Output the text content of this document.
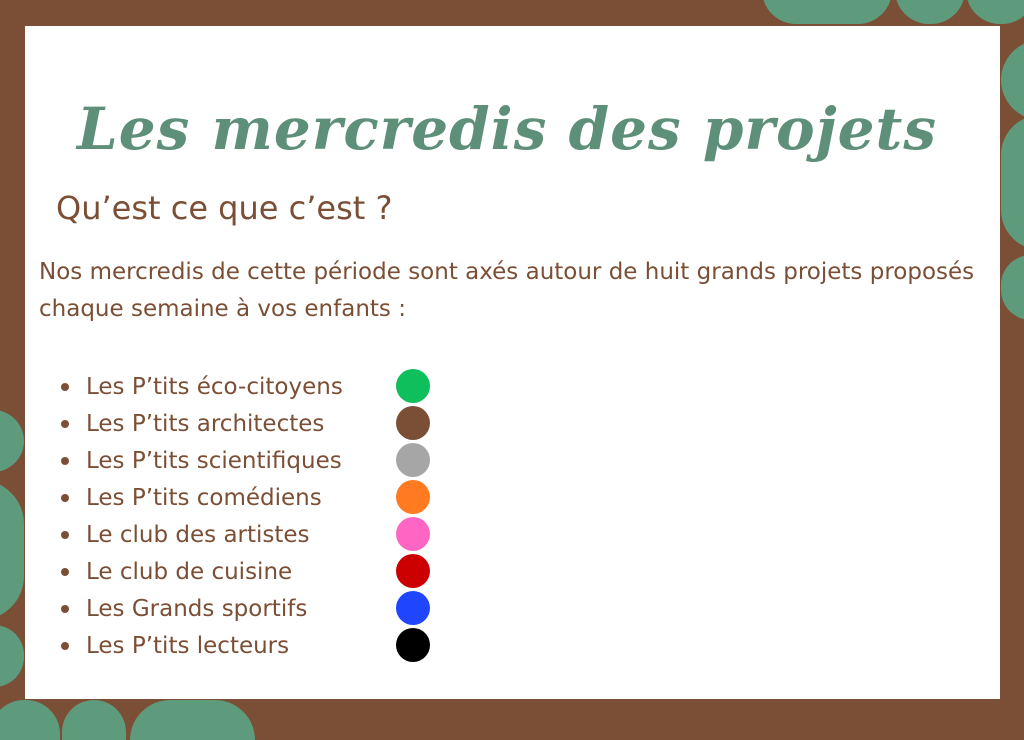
Les mercredis des projets
Qu’est ce que c’est ?

Nos mercredis de cette période sont axés autour de huit grands projets proposés chaque semaine à vos enfants :

Les P’tits éco-citoyens
Les P’tits architectes
Les P’tits scientifiques
Les P’tits comédiens
Le club des artistes
Le club de cuisine
Les Grands sportifs
Les P’tits lecteurs
